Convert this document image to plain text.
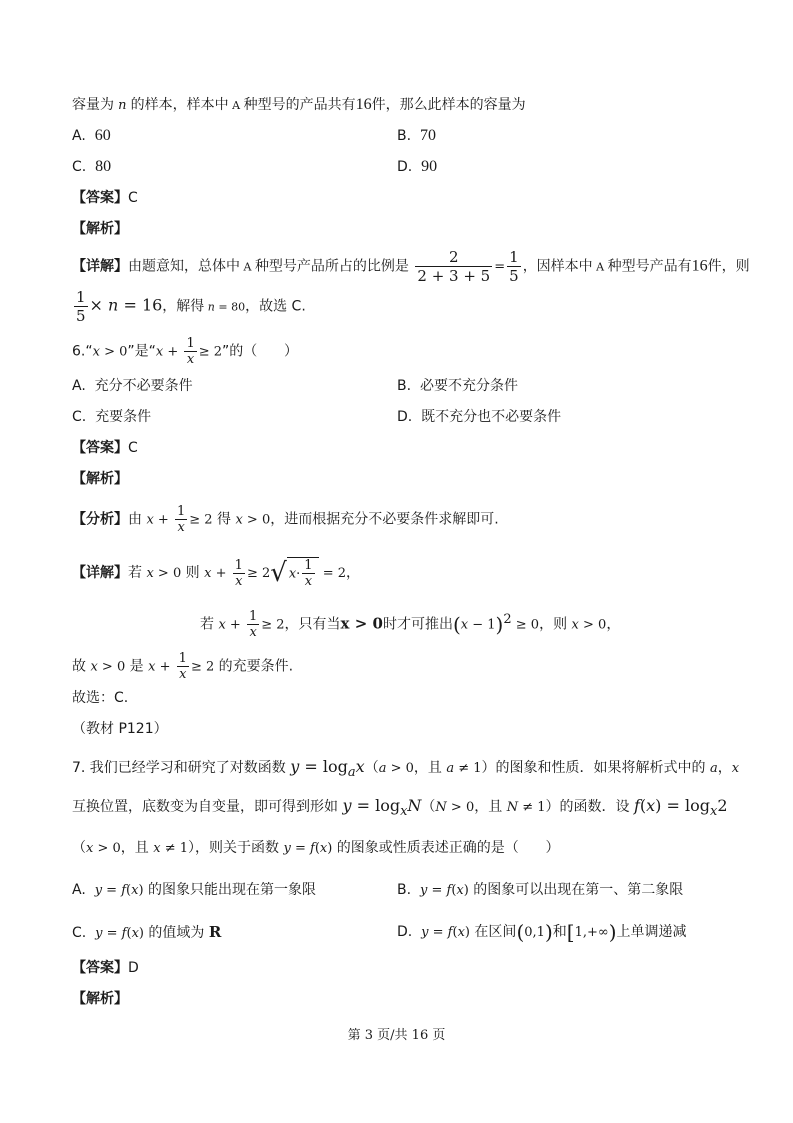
容量为 n 的样本，样本中 A 种型号的产品共有16件，那么此样本的容量为
A.  60	B.  70
C.  80	D.  90
【答案】C
【解析】
【详解】由题意知，总体中 A 种型号产品所占的比例是 $\frac{2}{2 + 3 + 5} = \frac{1}{5}$ ，因样本中 A 种型号产品有16件，则
$\frac{1}{5} \times n = 16$，解得 n = 80，故选 C.
6.“x > 0”是“$x + \frac{1}{x} \ge 2$”的（      ）
A.  充分不必要条件	B.  必要不充分条件
C.  充要条件	D.  既不充分也不必要条件
【答案】C
【解析】
【分析】由 $x + \frac{1}{x} \ge 2$ 得 x > 0，进而根据充分不必要条件求解即可.
【详解】若 x > 0 则 $x + \frac{1}{x} \ge 2√$ $x\cdot \frac{1}{x} = 2$，
若 $x + \frac{1}{x} \ge 2$，只有当x > 0时才可推出$(x - 1)^2 \ge 0$，则 x > 0，
故 x > 0 是 $x + \frac{1}{x} \ge 2$ 的充要条件.
故选：C.
（教材 P121）
7. 我们已经学习和研究了对数函数 $y = \log_ax(a > 0$，且 a ≠ 1）的图象和性质．如果将解析式中的 a，x
互换位置，底数变为自变量，即可得到形如 $y = \log_xN(N > 0$，且 N ≠ 1）的函数．设 $f(x) = \log_x2$
（x > 0，且 x ≠ 1），则关于函数 y = f(x) 的图象或性质表述正确的是（      ）
A.  y = f(x) 的图象只能出现在第一象限	B.  y = f(x) 的图象可以出现在第一、第二象限
C.  y = f(x) 的值域为 R	D.  y = f(x) 在区间(0,1)和[1,+∞)上单调递减
【答案】D
【解析】
第 3 页/共 16 页
